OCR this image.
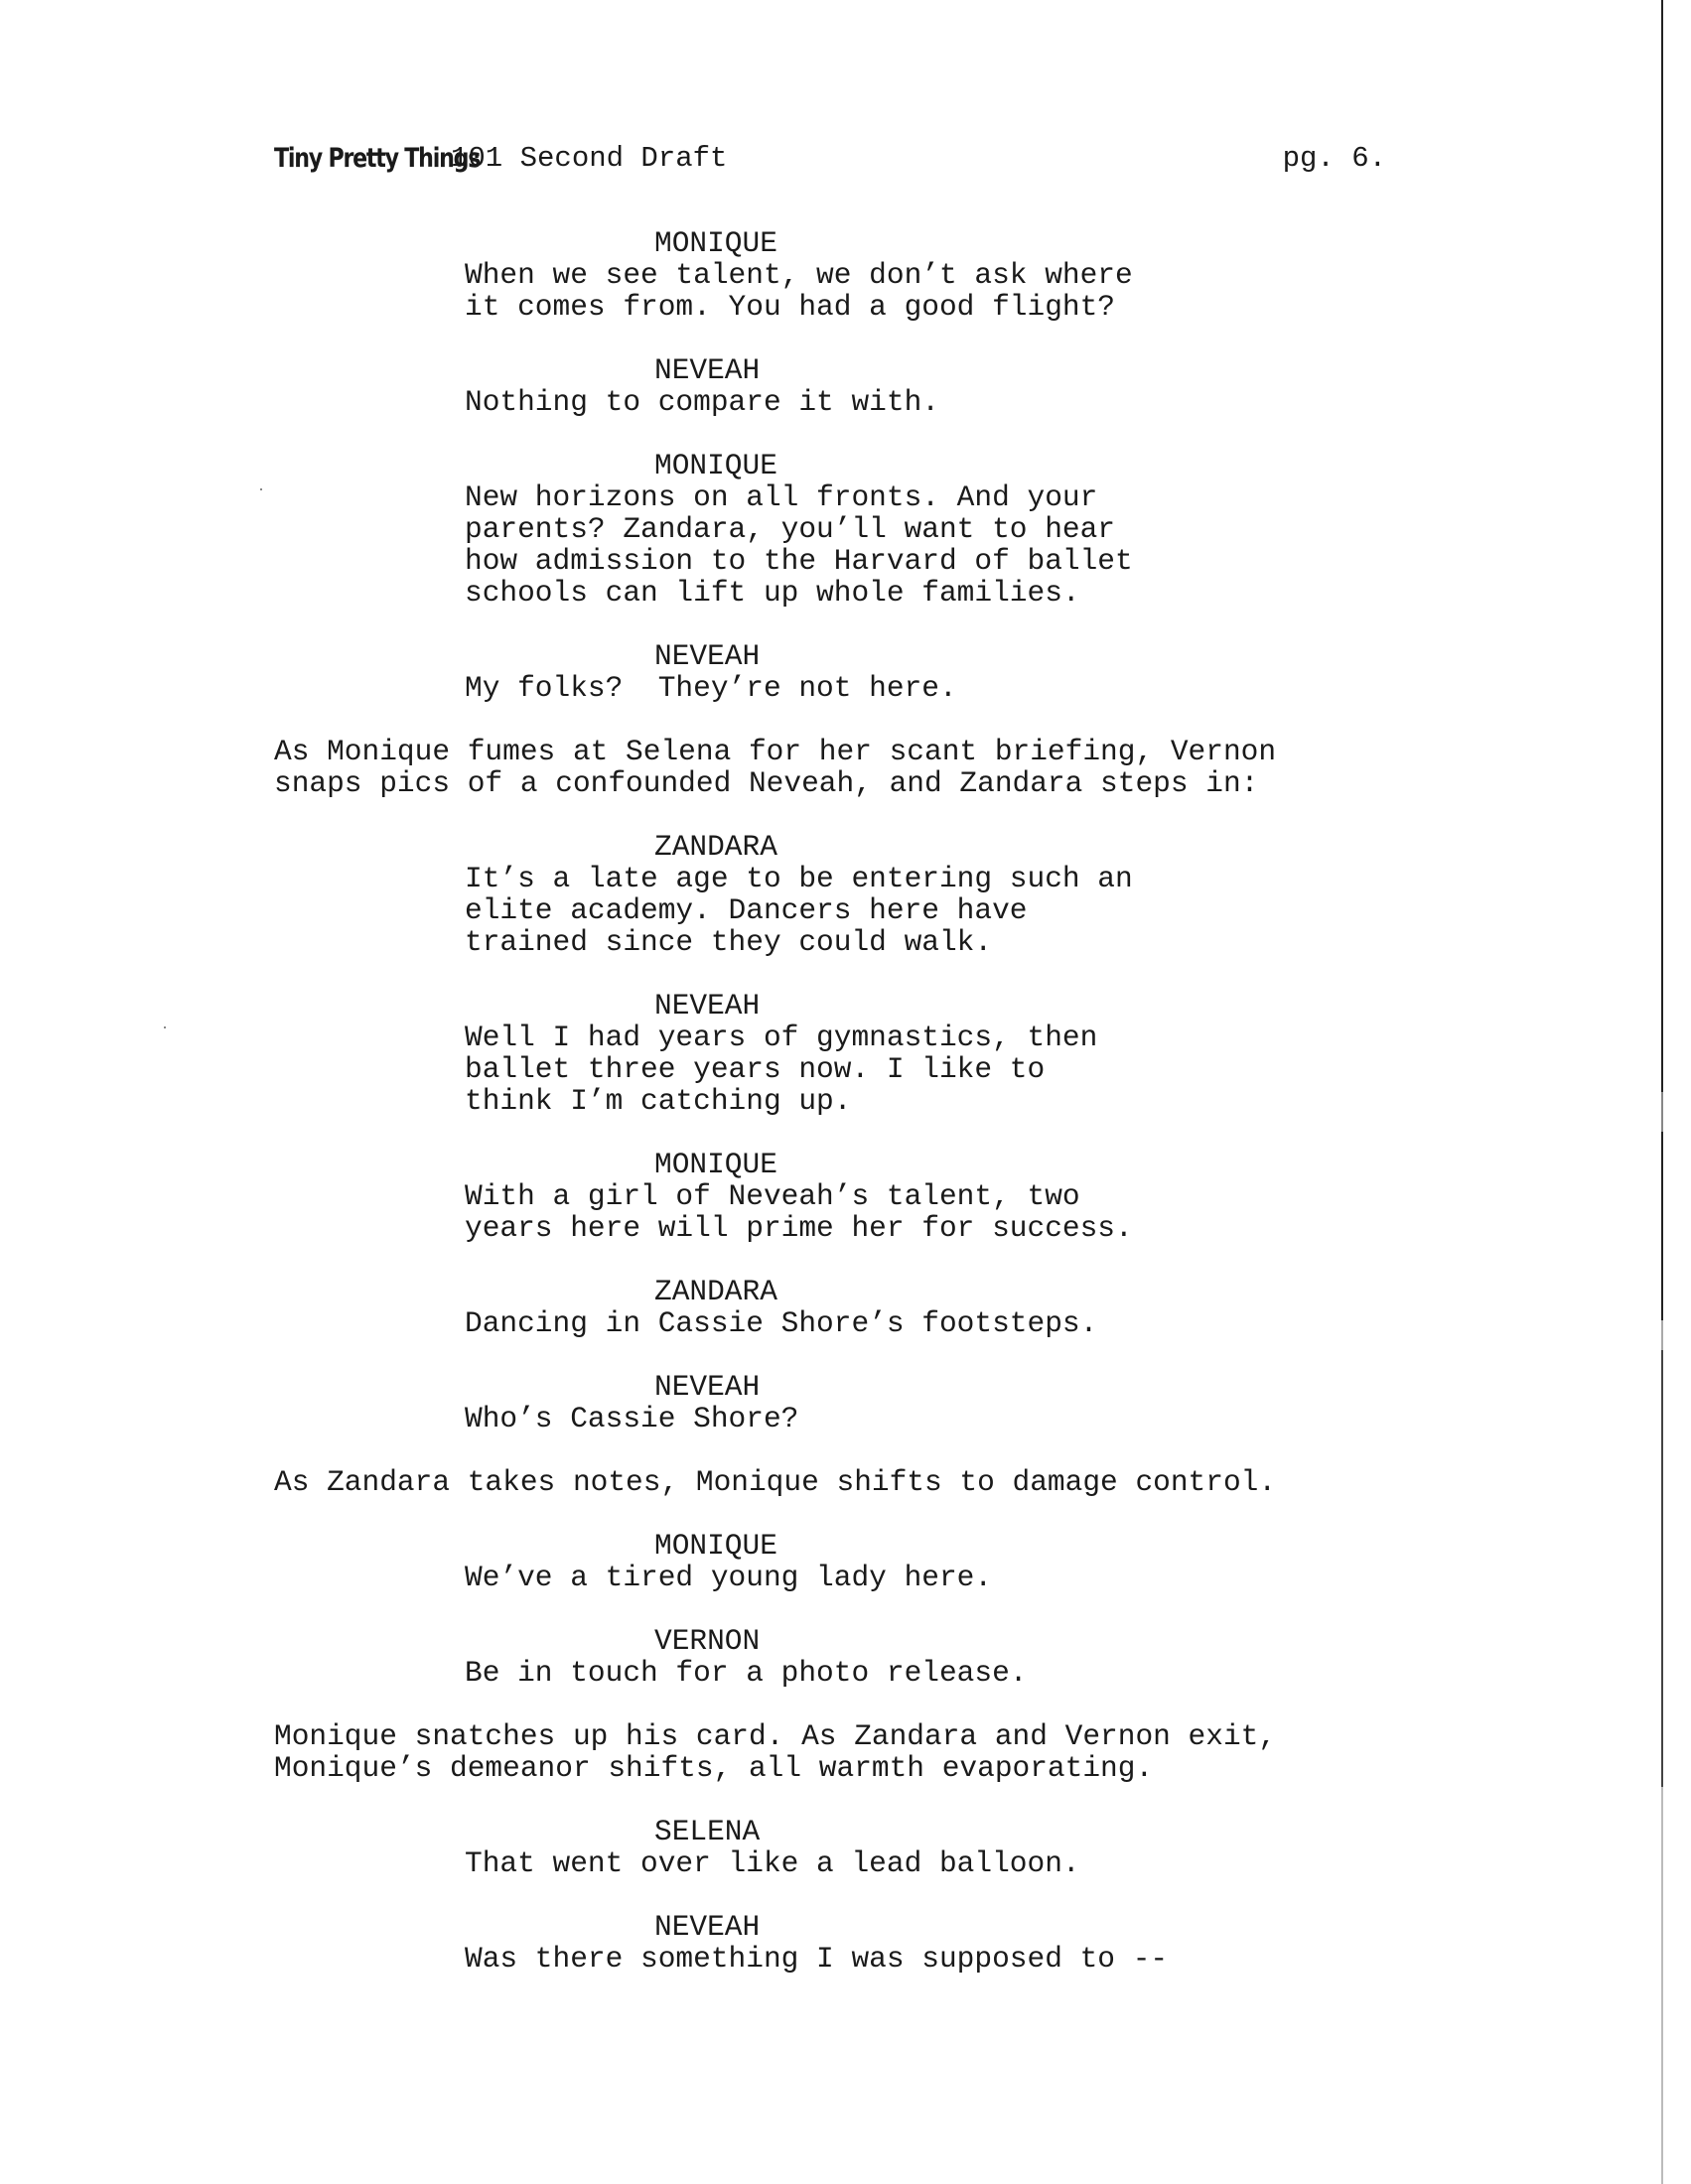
Tiny Pretty Things
101 Second Draft	pg. 6.
MONIQUE
When we see talent, we don’t ask where
it comes from. You had a good flight?
NEVEAH
Nothing to compare it with.
MONIQUE
New horizons on all fronts. And your
parents? Zandara, you’ll want to hear
how admission to the Harvard of ballet
schools can lift up whole families.
NEVEAH
My folks?  They’re not here.
As Monique fumes at Selena for her scant briefing, Vernon
snaps pics of a confounded Neveah, and Zandara steps in:
ZANDARA
It’s a late age to be entering such an
elite academy. Dancers here have
trained since they could walk.
NEVEAH
Well I had years of gymnastics, then
ballet three years now. I like to
think I’m catching up.
MONIQUE
With a girl of Neveah’s talent, two
years here will prime her for success.
ZANDARA
Dancing in Cassie Shore’s footsteps.
NEVEAH
Who’s Cassie Shore?
As Zandara takes notes, Monique shifts to damage control.
MONIQUE
We’ve a tired young lady here.
VERNON
Be in touch for a photo release.
Monique snatches up his card. As Zandara and Vernon exit,
Monique’s demeanor shifts, all warmth evaporating.
SELENA
That went over like a lead balloon.
NEVEAH
Was there something I was supposed to --
